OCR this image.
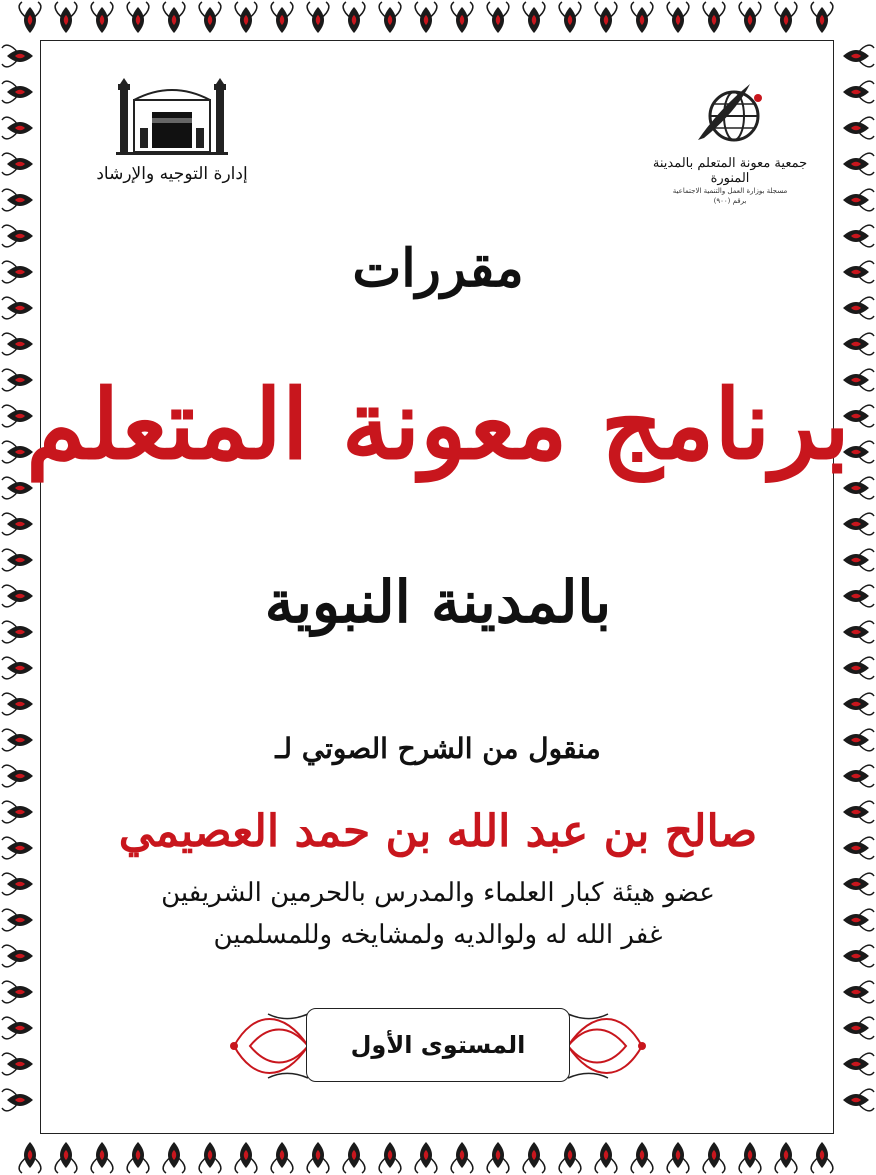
إدارة التوجيه والإرشاد
جمعية معونة المتعلم بالمدينة المنورة
مسجلة بوزارة العمل والتنمية الاجتماعية
برقم (٩٠٠)
مقررات
برنامج معونة المتعلم
بالمدينة النبوية
منقول من الشرح الصوتي لـ
صالح بن عبد الله بن حمد العصيمي
عضو هيئة كبار العلماء والمدرس بالحرمين الشريفين
غفر الله له ولوالديه ولمشايخه وللمسلمين
المستوى الأول
